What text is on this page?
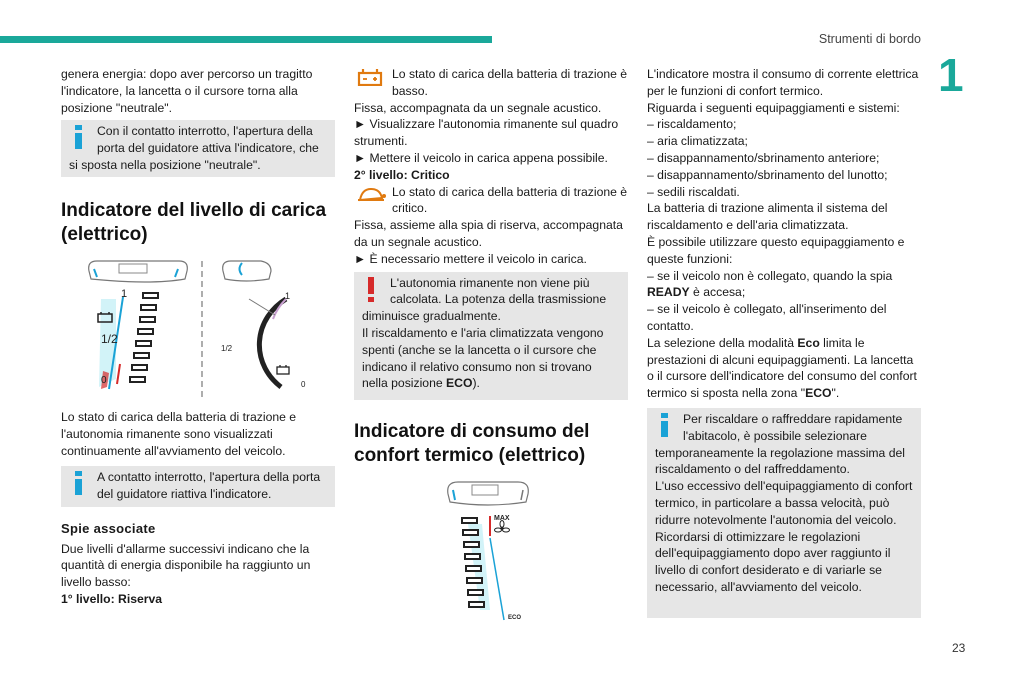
Strumenti di bordo
1
23

genera energia: dopo aver percorso un tragitto l'indicatore, la lancetta o il cursore torna alla posizione "neutrale".

Con il contatto interrotto, l'apertura della porta del guidatore attiva l'indicatore, che si sposta nella posizione "neutrale".
Indicatore del livello di carica (elettrico)
1
1/2
0
1
1/2
0

Lo stato di carica della batteria di trazione e l'autonomia rimanente sono visualizzati continuamente all'avviamento del veicolo.

A contatto interrotto, l'apertura della porta del guidatore riattiva l'indicatore.
Spie associate

Due livelli d'allarme successivi indicano che la quantità di energia disponibile ha raggiunto un livello basso:

1° livello: Riserva

Lo stato di carica della batteria di trazione è basso.

Fissa, accompagnata da un segnale acustico.

► Visualizzare l'autonomia rimanente sul quadro strumenti.

► Mettere il veicolo in carica appena possibile.

2° livello: Critico

Lo stato di carica della batteria di trazione è critico.

Fissa, assieme alla spia di riserva, accompagnata da un segnale acustico.

► È necessario mettere il veicolo in carica.

L'autonomia rimanente non viene più calcolata. La potenza della trasmissione diminuisce gradualmente.
Il riscaldamento e l'aria climatizzata vengono spenti (anche se la lancetta o il cursore che indicano il relativo consumo non si trovano nella posizione ECO).
Indicatore di consumo del confort termico (elettrico)
MAX
ECO

L'indicatore mostra il consumo di corrente elettrica per le funzioni di confort termico.

Riguarda i seguenti equipaggiamenti e sistemi:

– riscaldamento;

– aria climatizzata;

– disappannamento/sbrinamento anteriore;

– disappannamento/sbrinamento del lunotto;

– sedili riscaldati.

La batteria di trazione alimenta il sistema del riscaldamento e dell'aria climatizzata.

È possibile utilizzare questo equipaggiamento e queste funzioni:

– se il veicolo non è collegato, quando la spia READY è accesa;

– se il veicolo è collegato, all'inserimento del contatto.

La selezione della modalità Eco limita le prestazioni di alcuni equipaggiamenti. La lancetta o il cursore dell'indicatore del consumo del confort termico si sposta nella zona "ECO".

Per riscaldare o raffreddare rapidamente l'abitacolo, è possibile selezionare temporaneamente la regolazione massima del riscaldamento o del raffreddamento.
L'uso eccessivo dell'equipaggiamento di confort termico, in particolare a bassa velocità, può ridurre notevolmente l'autonomia del veicolo.
Ricordarsi di ottimizzare le regolazioni dell'equipaggiamento dopo aver raggiunto il livello di confort desiderato e di variarle se necessario, all'avviamento del veicolo.
